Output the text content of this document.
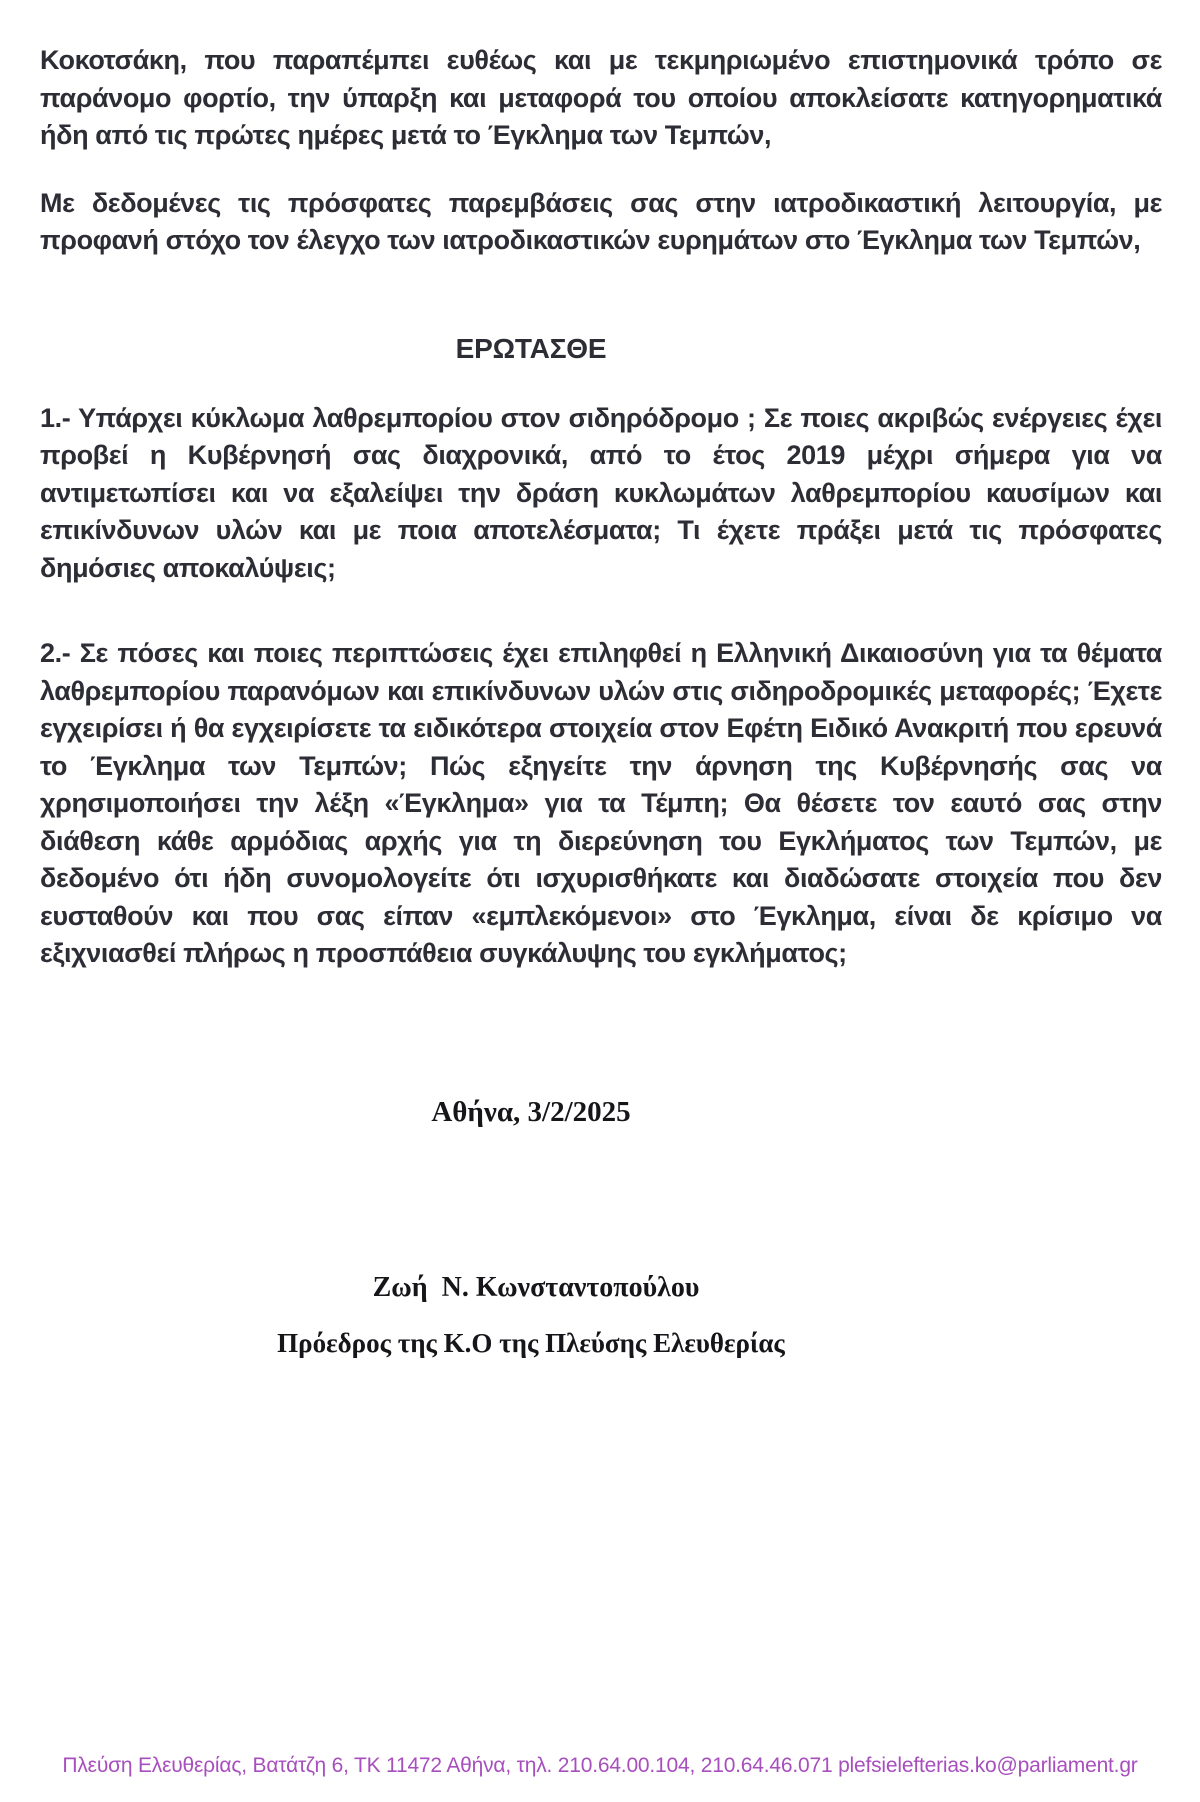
Κοκοτσάκη, που παραπέμπει ευθέως και με τεκμηριωμένο επιστημονικά τρόπο σε παράνομο φορτίο, την ύπαρξη και μεταφορά του οποίου αποκλείσατε κατηγορηματικά ήδη από τις πρώτες ημέρες μετά το Έγκλημα των Τεμπών,

Με δεδομένες τις πρόσφατες παρεμβάσεις σας στην ιατροδικαστική λειτουργία, με προφανή στόχο τον έλεγχο των ιατροδικαστικών ευρημάτων στο Έγκλημα των Τεμπών,

ΕΡΩΤΑΣΘΕ

1.- Υπάρχει κύκλωμα λαθρεμπορίου στον σιδηρόδρομο ; Σε ποιες ακριβώς ενέργειες έχει προβεί η Κυβέρνησή σας διαχρονικά, από το έτος 2019 μέχρι σήμερα για να αντιμετωπίσει και να εξαλείψει την δράση κυκλωμάτων λαθρεμπορίου καυσίμων και επικίνδυνων υλών και με ποια αποτελέσματα; Τι έχετε πράξει μετά τις πρόσφατες δημόσιες αποκαλύψεις;

2.- Σε πόσες και ποιες περιπτώσεις έχει επιληφθεί η Ελληνική Δικαιοσύνη για τα θέματα λαθρεμπορίου παρανόμων και επικίνδυνων υλών στις σιδηροδρομικές μεταφορές; Έχετε εγχειρίσει ή θα εγχειρίσετε τα ειδικότερα στοιχεία στον Εφέτη Ειδικό Ανακριτή που ερευνά το Έγκλημα των Τεμπών; Πώς εξηγείτε την άρνηση της Κυβέρνησής σας να χρησιμοποιήσει την λέξη «Έγκλημα» για τα Τέμπη; Θα θέσετε τον εαυτό σας στην διάθεση κάθε αρμόδιας αρχής για τη διερεύνηση του Εγκλήματος των Τεμπών, με δεδομένο ότι ήδη συνομολογείτε ότι ισχυρισθήκατε και διαδώσατε στοιχεία που δεν ευσταθούν και που σας είπαν «εμπλεκόμενοι» στο Έγκλημα, είναι δε κρίσιμο να εξιχνιασθεί πλήρως η προσπάθεια συγκάλυψης του εγκλήματος;

Αθήνα, 3/2/2025
Ζωή  Ν. Κωνσταντοπούλου
Πρόεδρος της Κ.Ο της Πλεύσης Ελευθερίας
Πλεύση Ελευθερίας, Βατάτζη 6, ΤΚ 11472 Αθήνα, τηλ. 210.64.00.104, 210.64.46.071 plefsielefterias.ko@parliament.gr
